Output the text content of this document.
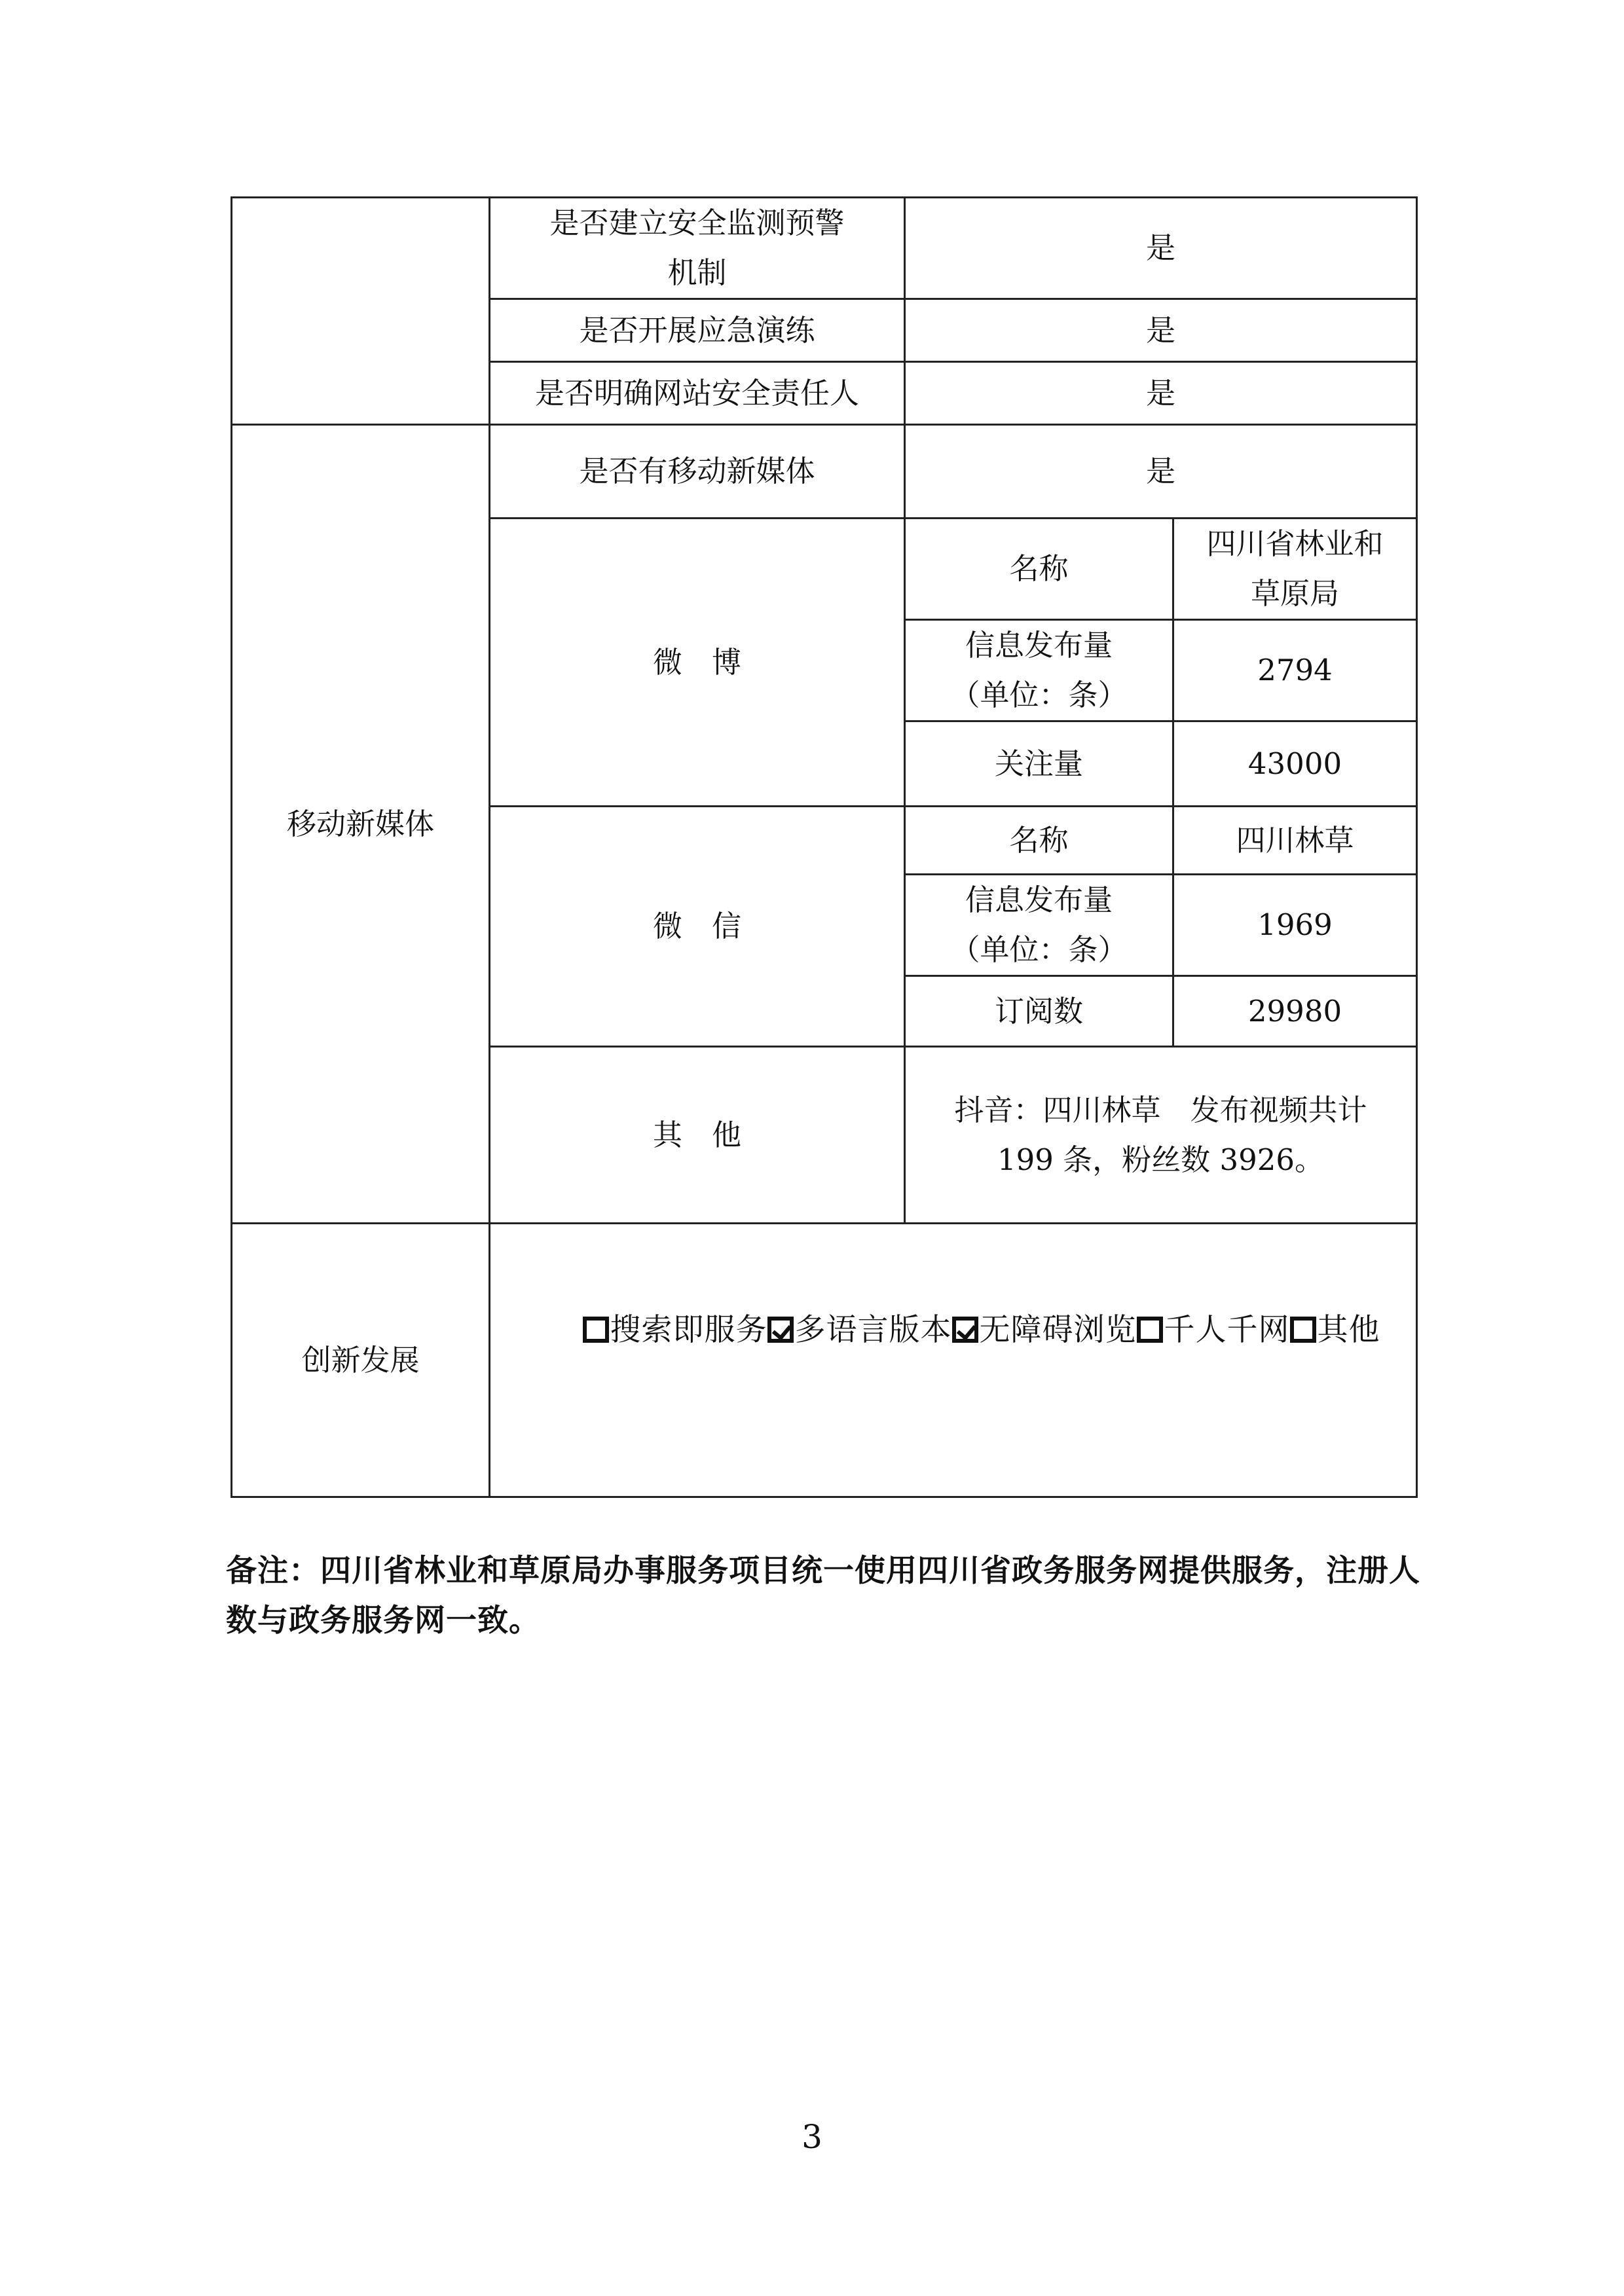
	是否建立安全监测预警
机制	是	
	是否开展应急演练	是	
	是否明确网站安全责任人	是	
移动新媒体	是否有移动新媒体	是	
	微　博	名称	四川省林业和
草原局
		信息发布量
（单位：条）	2794
		关注量	43000
	微　信	名称	四川林草
		信息发布量
（单位：条）	1969
		订阅数	29980
	其　他	抖音：四川林草　发布视频共计
199 条，粉丝数 3926。	
创新发展	搜索即服务 多语言版本 无障碍浏览 千人千网 其他		
备注：四川省林业和草原局办事服务项目统一使用四川省政务服务网提供服务，注册人数与政务服务网一致。
3
